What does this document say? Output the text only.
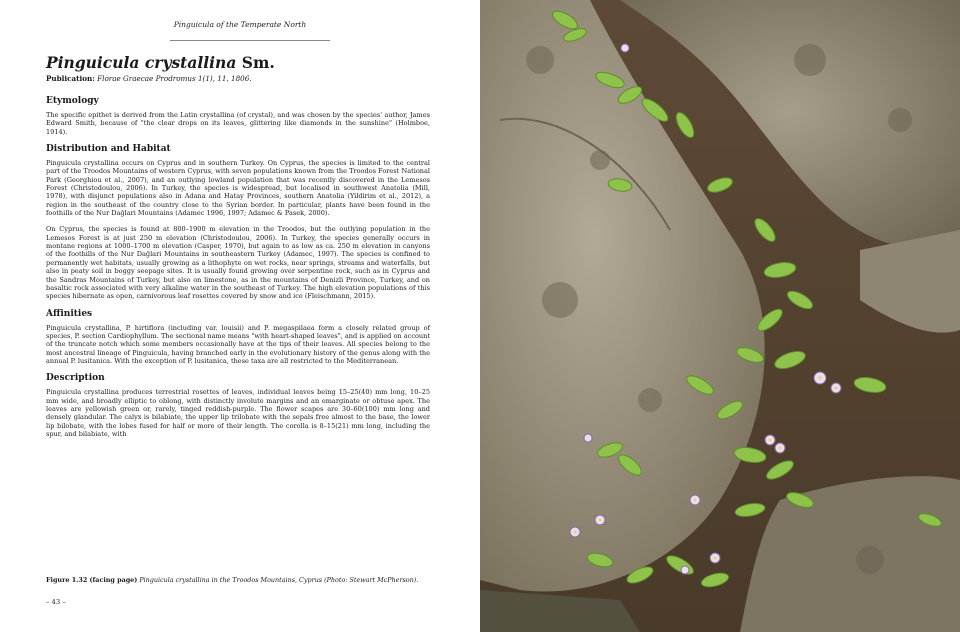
Pinguicula of the Temperate North
Pinguicula crystallina Sm.
Publication: Florae Graecae Prodromus 1(1), 11, 1806.
Etymology

The specific epithet is derived from the Latin crystallina (of crystal), and was chosen by the species' author, James Edward Smith, because of "the clear drops on its leaves, glittering like diamonds in the sunshine" (Holmboe, 1914).

Distribution and Habitat

Pinguicula crystallina occurs on Cyprus and in southern Turkey. On Cyprus, the species is limited to the central part of the Troodos Mountains of western Cyprus, with seven populations known from the Troodos Forest National Park (Georghiou et al., 2007), and an outlying lowland population that was recently discovered in the Lemesos Forest (Christodoulou, 2006). In Turkey, the species is widespread, but localised in southwest Anatolia (Mill, 1978), with disjunct populations also in Adana and Hatay Provinces, southern Anatolia (Yildirim et al., 2012), a region in the southeast of the country close to the Syrian border. In particular, plants have been found in the foothills of the Nur Dağlari Mountains (Adamec 1996, 1997; Adamec & Pasek, 2000).

On Cyprus, the species is found at 800–1900 m elevation in the Troodos, but the outlying population in the Lemesos Forest is at just 250 m elevation (Christodoulou, 2006). In Turkey, the species generally occurs in montane regions at 1000–1700 m elevation (Casper, 1970), but again to as low as ca. 250 m elevation in canyons of the foothills of the Nur Dağlari Mountains in southeastern Turkey (Adamec, 1997). The species is confined to permanently wet habitats, usually growing as a lithophyte on wet rocks, near springs, streams and waterfalls, but also in peaty soil in boggy seepage sites. It is usually found growing over serpentine rock, such as in Cyprus and the Sandras Mountains of Turkey, but also on limestone, as in the mountains of Denizli Province, Turkey, and on basaltic rock associated with very alkaline water in the southeast of Turkey. The high elevation populations of this species hibernate as open, carnivorous leaf rosettes covered by snow and ice (Fleischmann, 2015).

Affinities

Pinguicula crystallina, P. hirtiflora (including var. louisii) and P. megaspilaea form a closely related group of species, P. section Cardiophyllum. The sectional name means "with heart-shaped leaves", and is applied on account of the truncate notch which some members occasionally have at the tips of their leaves. All species belong to the most ancestral lineage of Pinguicula, having branched early in the evolutionary history of the genus along with the annual P. lusitanica. With the exception of P. lusitanica, these taxa are all restricted to the Mediterranean.

Description

Pinguicula crystallina produces terrestrial rosettes of leaves, individual leaves being 15–25(40) mm long, 10–25 mm wide, and broadly elliptic to oblong, with distinctly involute margins and an emarginate or obtuse apex. The leaves are yellowish green or, rarely, tinged reddish-purple. The flower scapes are 30–60(100) mm long and densely glandular. The calyx is bilabiate, the upper lip trilobate with the sepals free almost to the base, the lower lip bilobate, with the lobes fused for half or more of their length. The corolla is 8–15(21) mm long, including the spur, and bilabiate, with

Figure 1.32 (facing page) Pinguicula crystallina in the Troodos Mountains, Cyprus (Photo: Stewart McPherson).
– 43 –
